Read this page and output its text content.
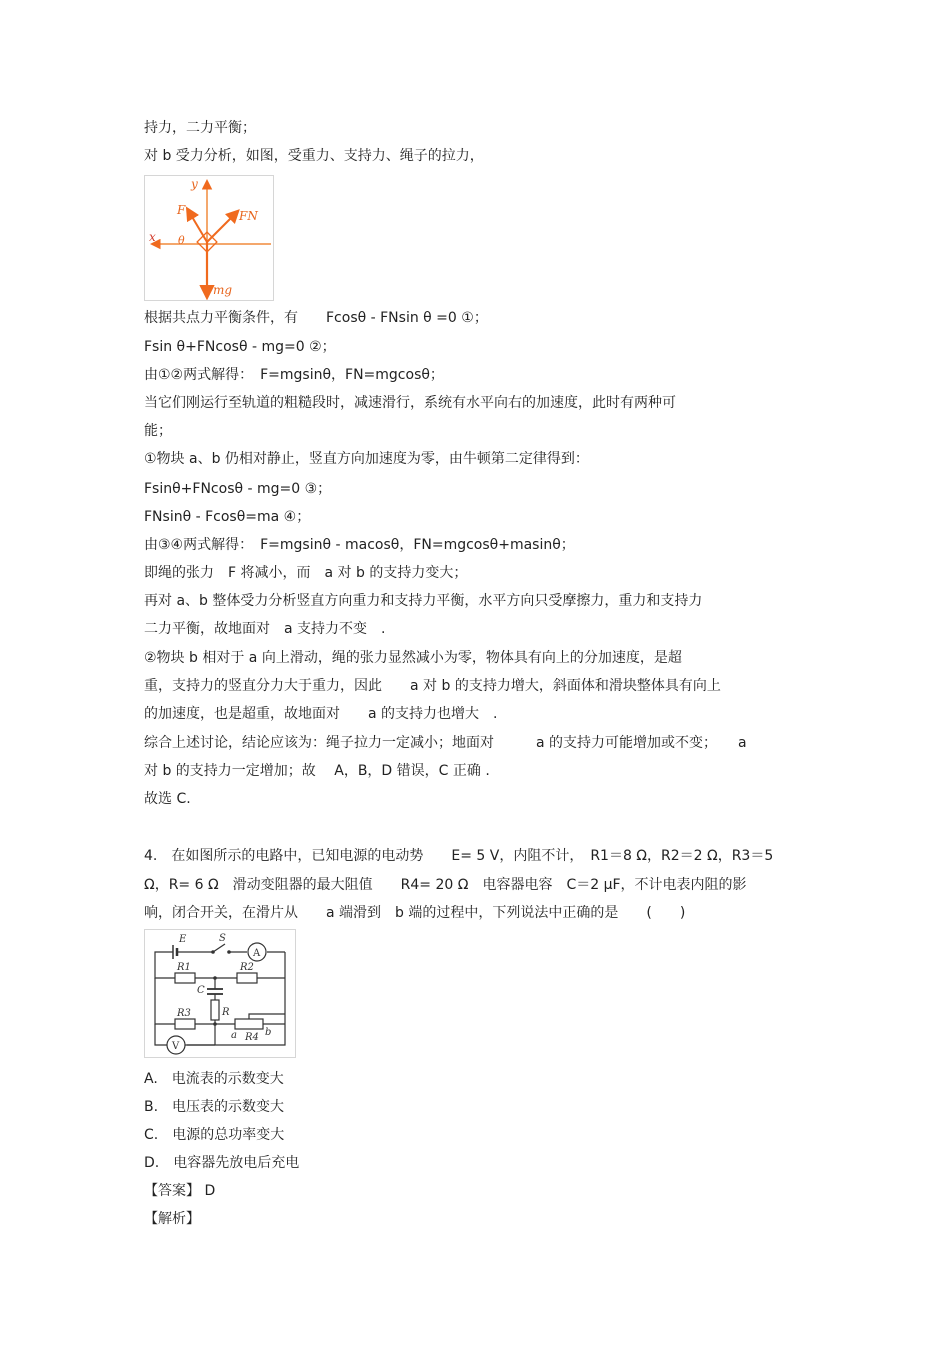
持力，二力平衡；
对 b 受力分析，如图，受重力、支持力、绳子的拉力，
根据共点力平衡条件，有　　Fcosθ - FNsin θ =0 ①；
Fsin θ+FNcosθ - mg=0 ②；
由①②两式解得：　F=mgsinθ，FN=mgcosθ；
当它们刚运行至轨道的粗糙段时，减速滑行，系统有水平向右的加速度，此时有两种可
能；
①物块 a、b 仍相对静止，竖直方向加速度为零，由牛顿第二定律得到：
Fsinθ+FNcosθ - mg=0 ③；
FNsinθ - Fcosθ=ma ④；
由③④两式解得：　F=mgsinθ - macosθ，FN=mgcosθ+masinθ；
即绳的张力　F 将减小，而　a 对 b 的支持力变大；
再对 a、b 整体受力分析竖直方向重力和支持力平衡，水平方向只受摩擦力，重力和支持力
二力平衡，故地面对　a 支持力不变　.
②物块 b 相对于 a 向上滑动，绳的张力显然减小为零，物体具有向上的分加速度，是超
重，支持力的竖直分力大于重力，因此　　a 对 b 的支持力增大，斜面体和滑块整体具有向上
的加速度，也是超重，故地面对　　a 的支持力也增大　.
综合上述讨论，结论应该为：绳子拉力一定减小；地面对　　　a 的支持力可能增加或不变；　　a
对 b 的支持力一定增加；故　 A，B，D 错误，C 正确 .
故选 C.
y
x
F	FN
θ
mg
4.　在如图所示的电路中，已知电源的电动势　　E= 5 V，内阻不计，　R1＝8 Ω，R2＝2 Ω，R3＝5
Ω，R= 6 Ω　滑动变阻器的最大阻值　　R4= 20 Ω　电容器电容　C＝2 μF，不计电表内阻的影
响，闭合开关，在滑片从　　a 端滑到　b 端的过程中，下列说法中正确的是　　(　　)
E	S
A
R1	R2
C
R3	R
a R4 b
V
A.　电流表的示数变大
B.　电压表的示数变大
C.　电源的总功率变大
D.　电容器先放电后充电
【答案】 D
【解析】
